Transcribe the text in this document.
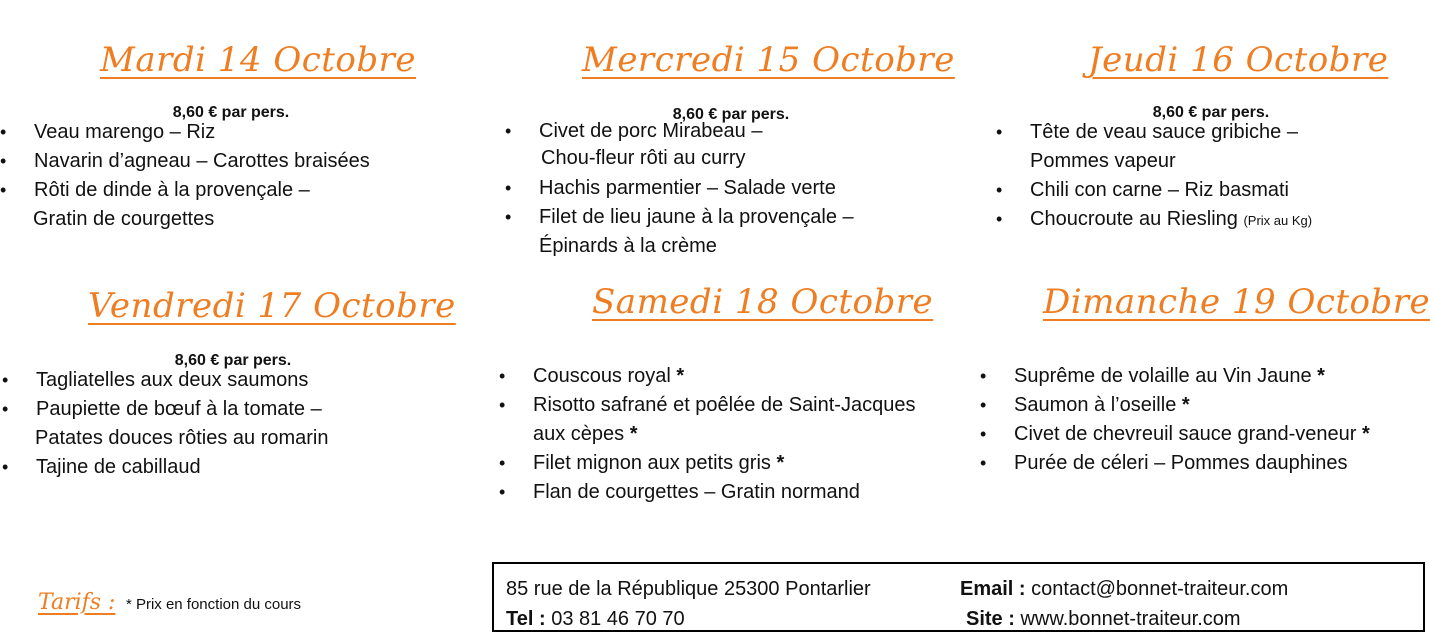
Mardi 14 Octobre
8,60 € par pers.
• Veau marengo – Riz
• Navarin d’agneau – Carottes braisées
• Rôti de dinde à la provençale –
Gratin de courgettes
Mercredi 15 Octobre
8,60 € par pers.
• Civet de porc Mirabeau –
Chou-fleur rôti au curry
• Hachis parmentier – Salade verte
• Filet de lieu jaune à la provençale –
Épinards à la crème
Jeudi 16 Octobre
8,60 € par pers.
• Tête de veau sauce gribiche –
Pommes vapeur
• Chili con carne – Riz basmati
• Choucroute au Riesling (Prix au Kg)
Vendredi 17 Octobre
8,60 € par pers.
• Tagliatelles aux deux saumons
• Paupiette de bœuf à la tomate –
Patates douces rôties au romarin
• Tajine de cabillaud
Samedi 18 Octobre
• Couscous royal *
• Risotto safrané et poêlée de Saint-Jacques
aux cèpes *
• Filet mignon aux petits gris *
• Flan de courgettes – Gratin normand
Dimanche 19 Octobre
• Suprême de volaille au Vin Jaune *
• Saumon à l’oseille *
• Civet de chevreuil sauce grand-veneur *
• Purée de céleri – Pommes dauphines
Tarifs : * Prix en fonction du cours
85 rue de la République 25300 Pontarlier
Tel : 03 81 46 70 70
Email : contact@bonnet-traiteur.com
Site : www.bonnet-traiteur.com
